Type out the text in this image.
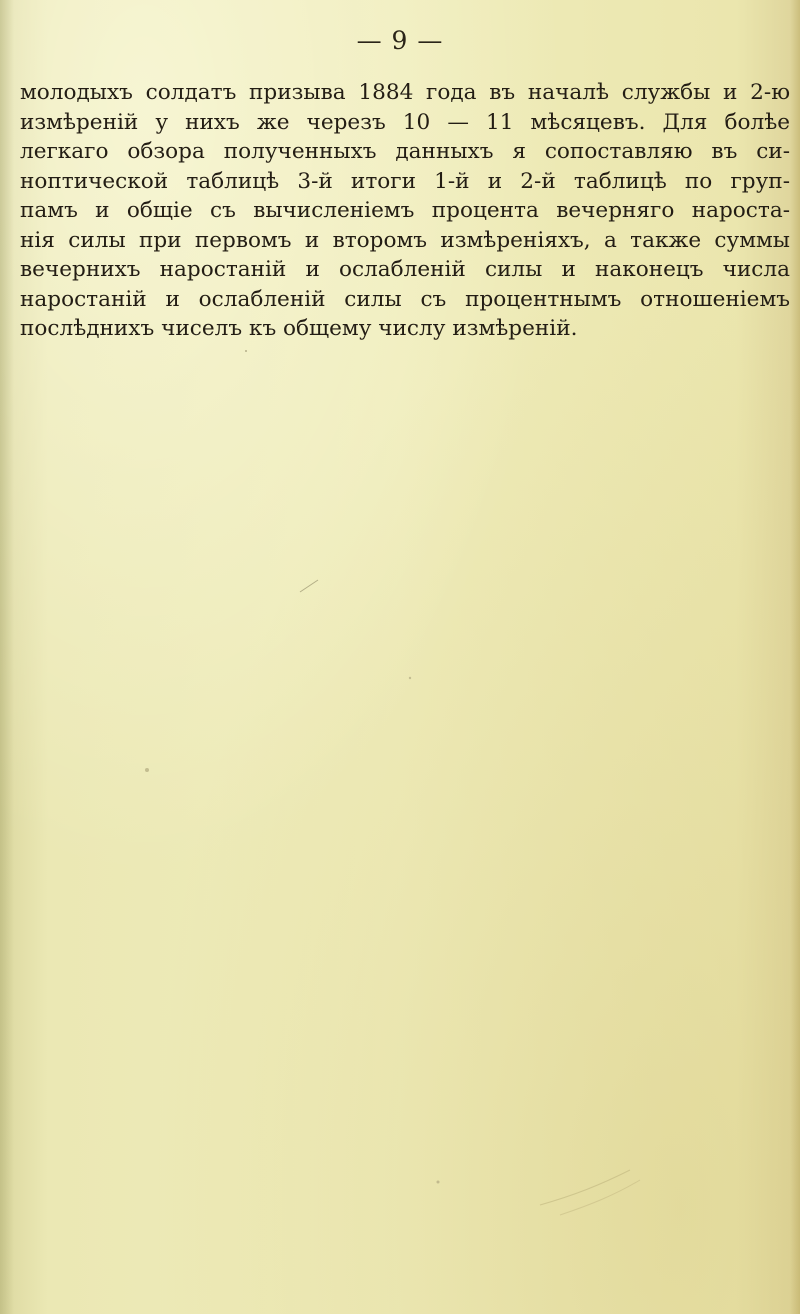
— 9 —
молодыхъ солдатъ призыва 1884 года въ началѣ службы и 2-ю
измѣреній у нихъ же черезъ 10 — 11 мѣсяцевъ. Для болѣе
легкаго обзора полученныхъ данныхъ я сопоставляю въ си-
ноптической таблицѣ 3-й итоги 1-й и 2-й таблицѣ по груп-
памъ и общіе съ вычисленіемъ процента вечерняго нароста-
нія силы при первомъ и второмъ измѣреніяхъ, а также суммы
вечернихъ наростаній и ослабленій силы и наконецъ числа
наростаній и ослабленій силы съ процентнымъ отношеніемъ
послѣднихъ чиселъ къ общему числу измѣреній.
